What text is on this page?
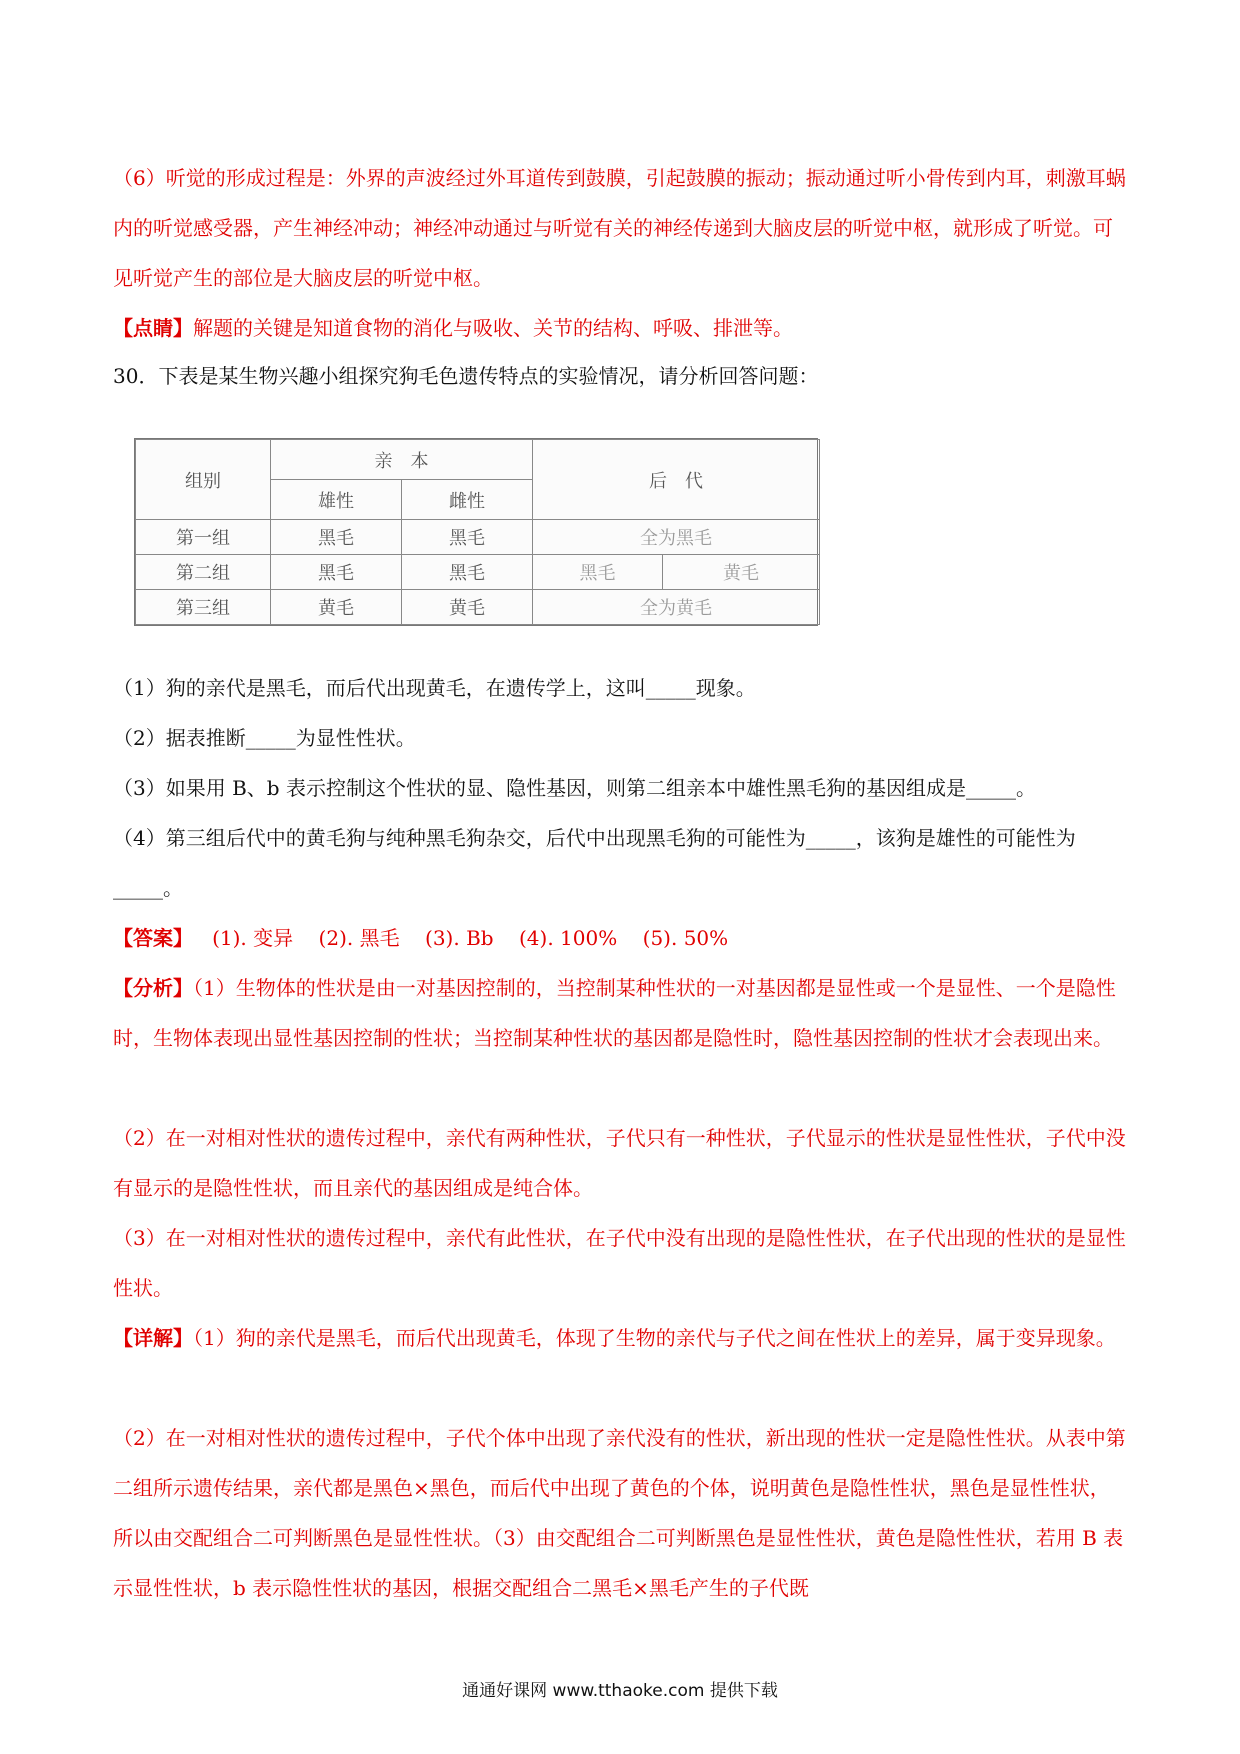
（6）听觉的形成过程是：外界的声波经过外耳道传到鼓膜，引起鼓膜的振动；振动通过听小骨传到内耳，刺激耳蜗内的听觉感受器，产生神经冲动；神经冲动通过与听觉有关的神经传递到大脑皮层的听觉中枢，就形成了听觉。可见听觉产生的部位是大脑皮层的听觉中枢。
【点睛】解题的关键是知道食物的消化与吸收、关节的结构、呼吸、排泄等。
30．下表是某生物兴趣小组探究狗毛色遗传特点的实验情况，请分析回答问题：
组别	亲　本		后　代	
	雄性	雌性		
第一组	黑毛	黑毛	全为黑毛	
第二组	黑毛	黑毛	黑毛	黄毛
第三组	黄毛	黄毛	全为黄毛	
（1）狗的亲代是黑毛，而后代出现黄毛，在遗传学上，这叫_____现象。
（2）据表推断_____为显性性状。
（3）如果用 B、b 表示控制这个性状的显、隐性基因，则第二组亲本中雄性黑毛狗的基因组成是_____。
（4）第三组后代中的黄毛狗与纯种黑毛狗杂交，后代中出现黑毛狗的可能性为_____，该狗是雄性的可能性为_____。
【答案】   (1). 变异    (2). 黑毛    (3). Bb    (4). 100%    (5). 50%
【分析】（1）生物体的性状是由一对基因控制的，当控制某种性状的一对基因都是显性或一个是显性、一个是隐性时，生物体表现出显性基因控制的性状；当控制某种性状的基因都是隐性时，隐性基因控制的性状才会表现出来。
（2）在一对相对性状的遗传过程中，亲代有两种性状，子代只有一种性状，子代显示的性状是显性性状，子代中没有显示的是隐性性状，而且亲代的基因组成是纯合体。
（3）在一对相对性状的遗传过程中，亲代有此性状，在子代中没有出现的是隐性性状，在子代出现的性状的是显性性状。
【详解】（1）狗的亲代是黑毛，而后代出现黄毛，体现了生物的亲代与子代之间在性状上的差异，属于变异现象。
（2）在一对相对性状的遗传过程中，子代个体中出现了亲代没有的性状，新出现的性状一定是隐性性状。从表中第二组所示遗传结果，亲代都是黑色×黑色，而后代中出现了黄色的个体，说明黄色是隐性性状，黑色是显性性状，所以由交配组合二可判断黑色是显性性状。（3）由交配组合二可判断黑色是显性性状，黄色是隐性性状，若用 B 表示显性性状，b 表示隐性性状的基因，根据交配组合二黑毛×黑毛产生的子代既
通通好课网 www.tthaoke.com 提供下载
